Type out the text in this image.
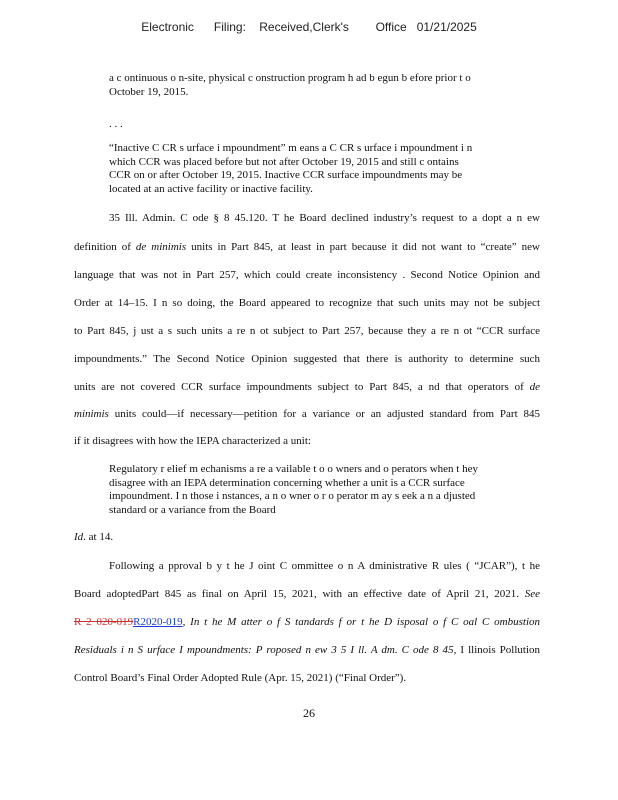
Electronic      Filing:    Received,Clerk's        Office   01/21/2025
a c ontinuous o n-site, physical c onstruction program h ad b egun b efore prior t o
October 19, 2015.
. . .
“Inactive C CR s urface i mpoundment” m eans a C CR s urface i mpoundment i n
which CCR was placed before but not after October 19, 2015 and still c ontains
CCR on or after October 19, 2015. Inactive CCR surface impoundments may be
located at an active facility or inactive facility.
35 Ill. Admin. C ode § 8 45.120. T he Board declined industry’s request to a dopt a n ew
definition of de minimis units in Part 845, at least in part because it did not want to “create” new
language that was not in Part 257, which could create inconsistency . Second Notice Opinion and
Order at 14–15. I n so doing, the Board appeared to recognize that such units may not be subject
to Part 845, j ust a s such units a re n ot subject to Part 257, because they a re n ot “CCR surface
impoundments.” The Second Notice Opinion suggested that there is authority to determine such
units are not covered CCR surface impoundments subject to Part 845, a nd that operators of de
minimis units could—if necessary—petition for a variance or an adjusted standard from Part 845
if it disagrees with how the IEPA characterized a unit:
Regulatory r elief m echanisms a re a vailable t o o wners and o perators when t hey
disagree with an IEPA determination concerning whether a unit is a CCR surface
impoundment. I n those i nstances, a n o wner o r o perator m ay s eek a n a djusted
standard or a variance from the Board
Id. at 14.
Following a pproval b y t he J oint C ommittee o n A dministrative R ules ( “JCAR”), t he
Board adoptedPart 845 as final on April 15, 2021, with an effective date of April 21, 2021. See
R 2 020-019R2020-019, In t he M atter o f S tandards f or t he D isposal o f C oal C ombustion
Residuals i n S urface I mpoundments: P roposed n ew 3 5 I ll. A dm. C ode 8 45, I llinois Pollution
Control Board’s Final Order Adopted Rule (Apr. 15, 2021) (“Final Order”).
26
